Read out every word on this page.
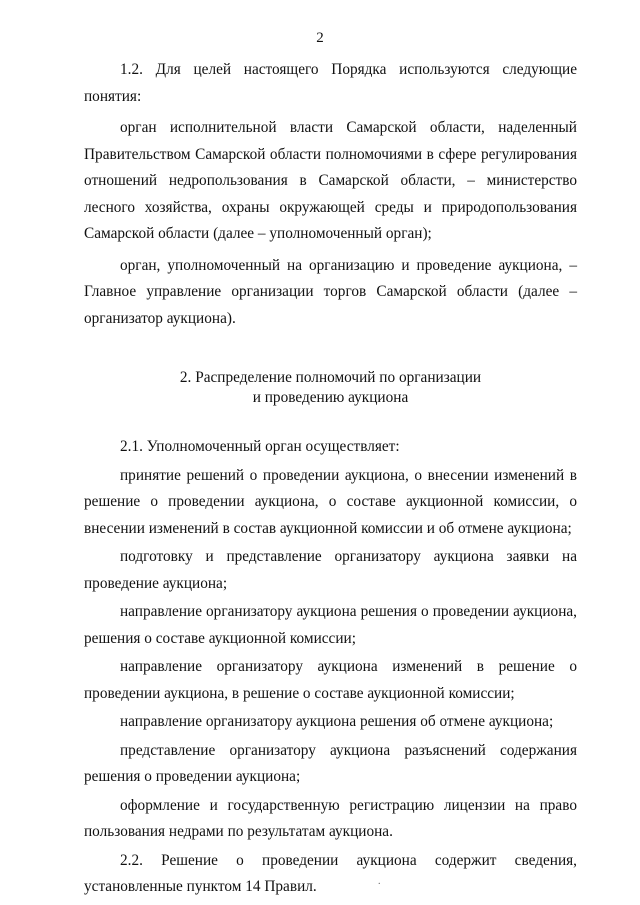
2

1.2. Для целей настоящего Порядка используются следующие понятия:

орган исполнительной власти Самарской области, наделенный Правительством Самарской области полномочиями в сфере регулирования отношений недропользования в Самарской области, – министерство лесного хозяйства, охраны окружающей среды и природопользования Самарской области (далее – уполномоченный орган);

орган, уполномоченный на организацию и проведение аукциона, – Главное управление организации торгов Самарской области (далее – организатор аукциона).

2. Распределение полномочий по организации
и проведению аукциона

2.1. Уполномоченный орган осуществляет:

принятие решений о проведении аукциона, о внесении изменений в решение о проведении аукциона, о составе аукционной комиссии, о внесении изменений в состав аукционной комиссии и об отмене аукциона;

подготовку и представление организатору аукциона заявки на проведение аукциона;

направление организатору аукциона решения о проведении аукциона, решения о составе аукционной комиссии;

направление организатору аукциона изменений в решение о проведении аукциона, в решение о составе аукционной комиссии;

направление организатору аукциона решения об отмене аукциона;

представление организатору аукциона разъяснений содержания решения о проведении аукциона;

оформление и государственную регистрацию лицензии на право пользования недрами по результатам аукциона.

2.2. Решение о проведении аукциона содержит сведения, установленные пунктом 14 Правил.	.
